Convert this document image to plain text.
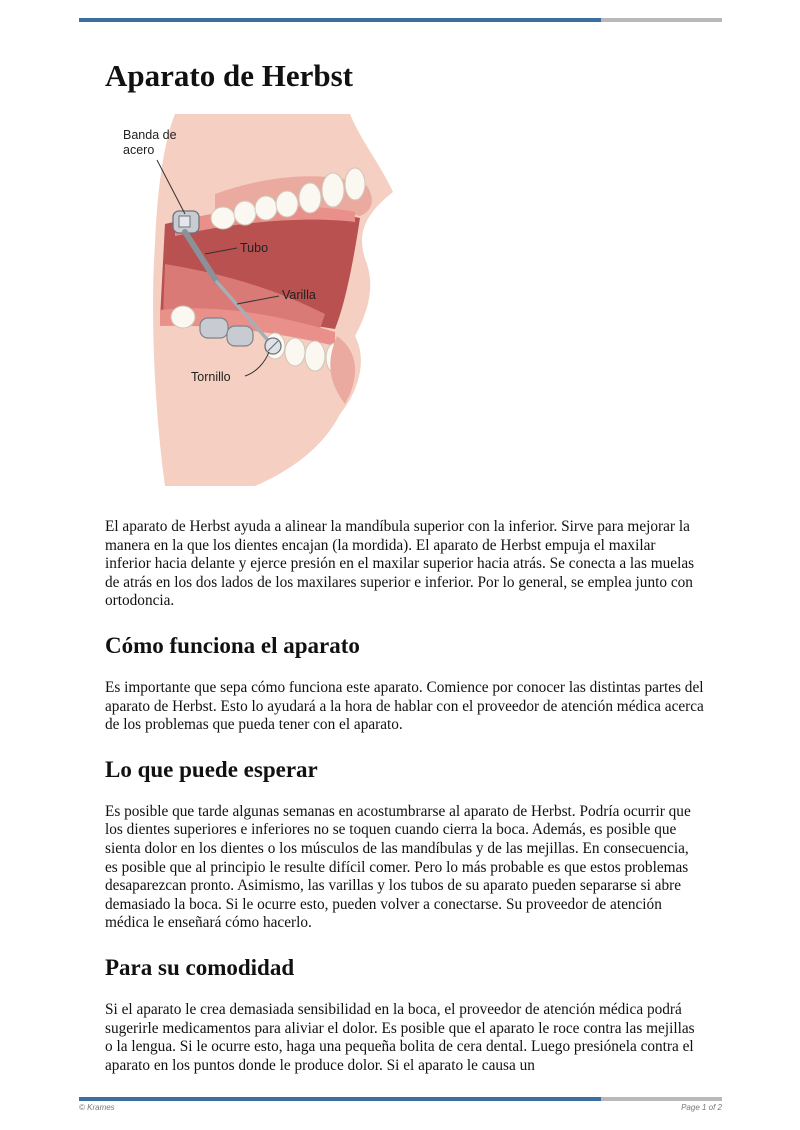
Aparato de Herbst
Banda de acero
Tubo
Varilla
Tornillo

El aparato de Herbst ayuda a alinear la mandíbula superior con la inferior. Sirve para mejorar la manera en la que los dientes encajan (la mordida). El aparato de Herbst empuja el maxilar inferior hacia delante y ejerce presión en el maxilar superior hacia atrás. Se conecta a las muelas de atrás en los dos lados de los maxilares superior e inferior. Por lo general, se emplea junto con ortodoncia.

Cómo funciona el aparato

Es importante que sepa cómo funciona este aparato. Comience por conocer las distintas partes del aparato de Herbst. Esto lo ayudará a la hora de hablar con el proveedor de atención médica acerca de los problemas que pueda tener con el aparato.

Lo que puede esperar

Es posible que tarde algunas semanas en acostumbrarse al aparato de Herbst. Podría ocurrir que los dientes superiores e inferiores no se toquen cuando cierra la boca. Además, es posible que sienta dolor en los dientes o los músculos de las mandíbulas y de las mejillas. En consecuencia, es posible que al principio le resulte difícil comer. Pero lo más probable es que estos problemas desaparezcan pronto. Asimismo, las varillas y los tubos de su aparato pueden separarse si abre demasiado la boca. Si le ocurre esto, pueden volver a conectarse. Su proveedor de atención médica le enseñará cómo hacerlo.

Para su comodidad

Si el aparato le crea demasiada sensibilidad en la boca, el proveedor de atención médica podrá sugerirle medicamentos para aliviar el dolor. Es posible que el aparato le roce contra las mejillas o la lengua. Si le ocurre esto, haga una pequeña bolita de cera dental. Luego presiónela contra el aparato en los puntos donde le produce dolor. Si el aparato le causa un

© Krames	Page 1 of 2
